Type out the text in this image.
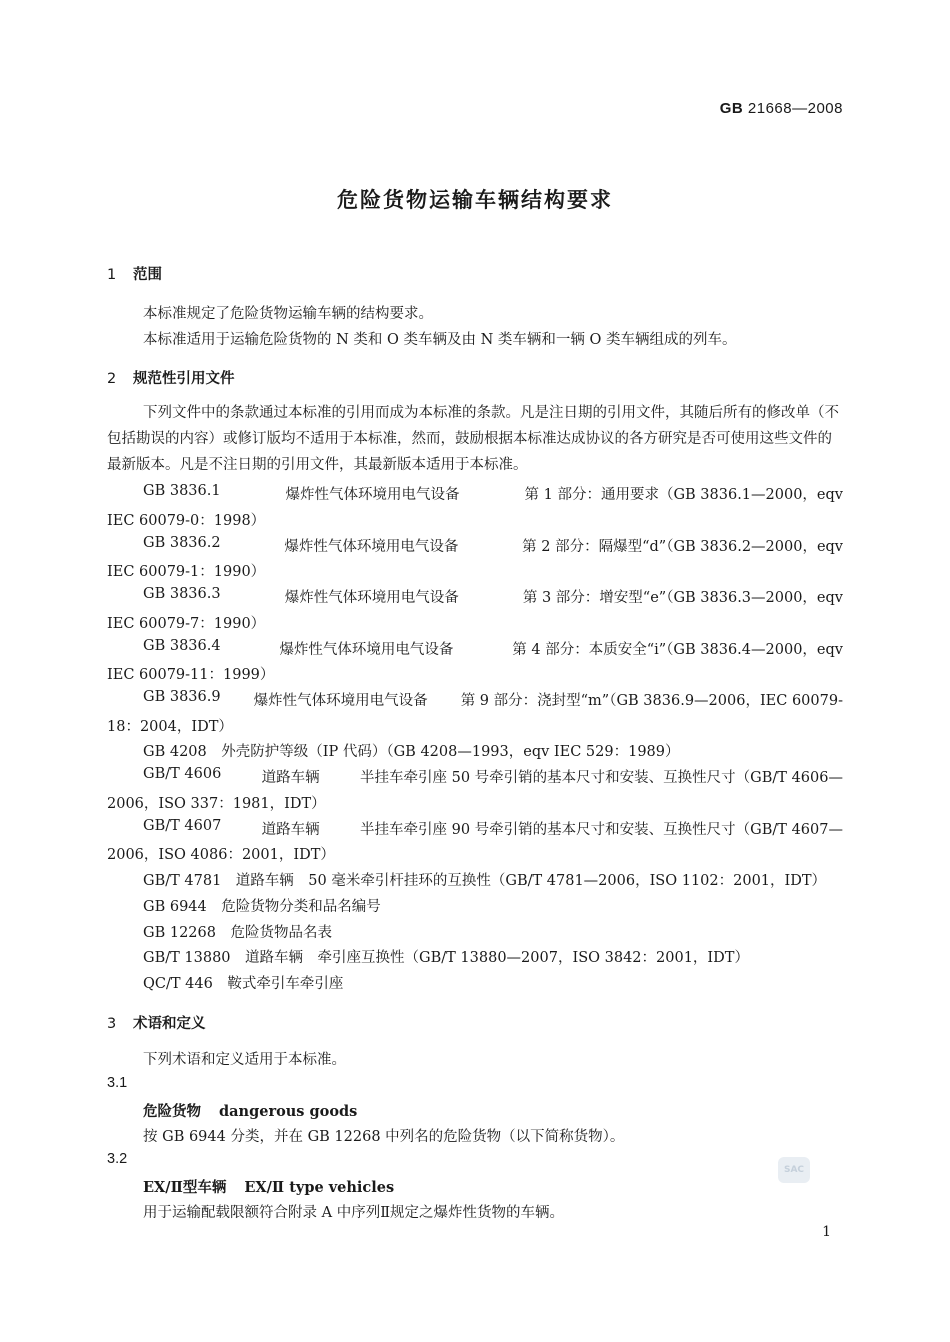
GB 21668—2008
危险货物运输车辆结构要求
1 范围
本标准规定了危险货物运输车辆的结构要求。
本标准适用于运输危险货物的 N 类和 O 类车辆及由 N 类车辆和一辆 O 类车辆组成的列车。
2 规范性引用文件
下列文件中的条款通过本标准的引用而成为本标准的条款。凡是注日期的引用文件，其随后所有的修改单（不包括勘误的内容）或修订版均不适用于本标准，然而，鼓励根据本标准达成协议的各方研究是否可使用这些文件的最新版本。凡是不注日期的引用文件，其最新版本适用于本标准。
GB 3836.1	爆炸性气体环境用电气设备	第 1 部分：通用要求（GB 3836.1—2000，eqv
IEC 60079-0：1998）
GB 3836.2	爆炸性气体环境用电气设备	第 2 部分：隔爆型“d”（GB 3836.2—2000，eqv
IEC 60079-1：1990）
GB 3836.3	爆炸性气体环境用电气设备	第 3 部分：增安型“e”（GB 3836.3—2000，eqv
IEC 60079-7：1990）
GB 3836.4	爆炸性气体环境用电气设备	第 4 部分：本质安全“i”（GB 3836.4—2000，eqv
IEC 60079-11：1999）
GB 3836.9 爆炸性气体环境用电气设备 第 9 部分：浇封型“m”（GB 3836.9—2006，IEC 60079-
18：2004，IDT）
GB 4208　外壳防护等级（IP 代码）（GB 4208—1993，eqv IEC 529：1989）
GB/T 4606	道路车辆	半挂车牵引座 50 号牵引销的基本尺寸和安装、互换性尺寸（GB/T 4606—
2006，ISO 337：1981，IDT）
GB/T 4607	道路车辆	半挂车牵引座 90 号牵引销的基本尺寸和安装、互换性尺寸（GB/T 4607—
2006，ISO 4086：2001，IDT）
GB/T 4781　道路车辆　50 毫米牵引杆挂环的互换性（GB/T 4781—2006，ISO 1102：2001，IDT）
GB 6944　危险货物分类和品名编号
GB 12268　危险货物品名表
GB/T 13880　道路车辆　牵引座互换性（GB/T 13880—2007，ISO 3842：2001，IDT）
QC/T 446　鞍式牵引车牵引座
3 术语和定义
下列术语和定义适用于本标准。
3.1
危险货物 dangerous goods
按 GB 6944 分类，并在 GB 12268 中列名的危险货物（以下简称货物）。
3.2
EX/Ⅱ型车辆 EX/Ⅱ type vehicles
用于运输配载限额符合附录 A 中序列Ⅱ规定之爆炸性货物的车辆。
SAC
1
